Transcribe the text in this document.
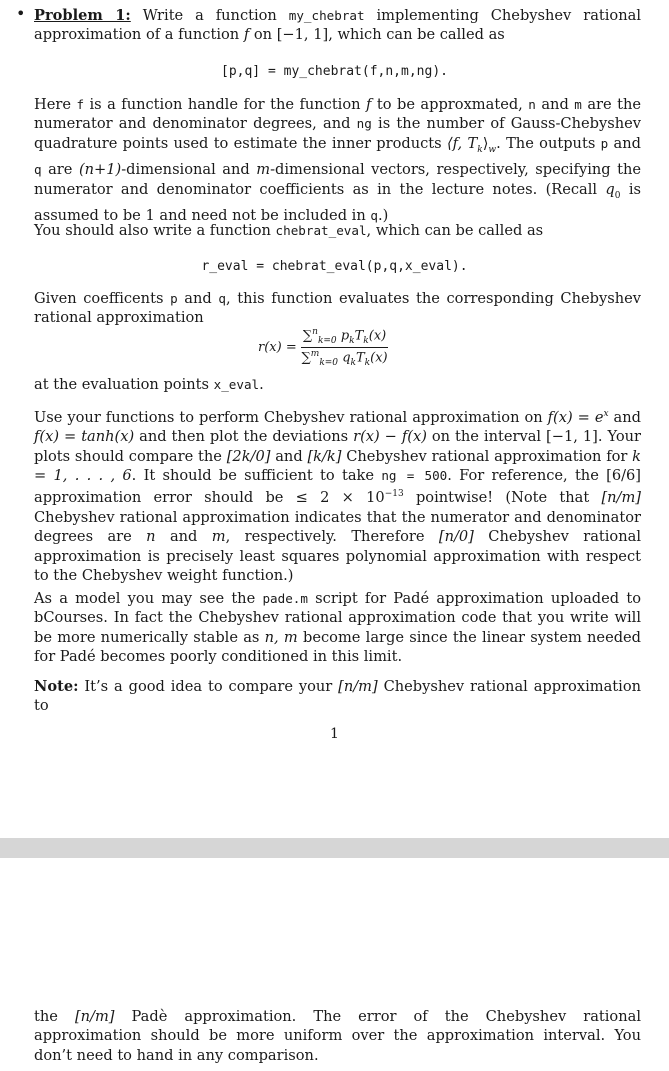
• Problem 1: Write a function my_chebrat implementing Chebyshev rational approximation of a function f on [−1, 1], which can be called as

[p,q] = my_chebrat(f,n,m,ng).

Here f is a function handle for the function f to be approxmated, n and m are the numerator and denominator degrees, and ng is the number of Gauss-Chebyshev quadrature points used to estimate the inner products ⟨f, $T_k⟩_w$. The outputs p and q are (n+1)-dimensional and m-dimensional vectors, respectively, specifying the numerator and denominator coefficients as in the lecture notes. (Recall $q_0$ is assumed to be 1 and need not be included in q.)

You should also write a function chebrat_eval, which can be called as

r_eval = chebrat_eval(p,q,x_eval).

Given coefficents p and q, this function evaluates the corresponding Chebyshev rational approximation

$r(x) = \frac{\sum^n_{k=0} p_kT_k(x)}{\sum^m_{k=0} q_kT_k(x)}$

at the evaluation points x_eval.

Use your functions to perform Chebyshev rational approximation on $f(x) = e^x$ and f(x) = tanh(x) and then plot the deviations r(x) − f(x) on the interval [−1, 1]. Your plots should compare the [2k/0] and [k/k] Chebyshev rational approximation for k = 1, . . . , 6. It should be sufficient to take ng = 500. For reference, the [6/6] approximation error should be ≤ $2 \times 10^{-13}$ pointwise! (Note that [n/m] Chebyshev rational approximation indicates that the numerator and denominator degrees are n and m, respectively. Therefore [n/0] Chebyshev rational approximation is precisely least squares polynomial approximation with respect to the Chebyshev weight function.)

As a model you may see the pade.m script for Padé approximation uploaded to bCourses. In fact the Chebyshev rational approximation code that you write will be more numerically stable as n, m become large since the linear system needed for Padé becomes poorly conditioned in this limit.

Note: It’s a good idea to compare your [n/m] Chebyshev rational approximation to

1

the [n/m] Padè approximation. The error of the Chebyshev rational approximation should be more uniform over the approximation interval. You don’t need to hand in any comparison.
